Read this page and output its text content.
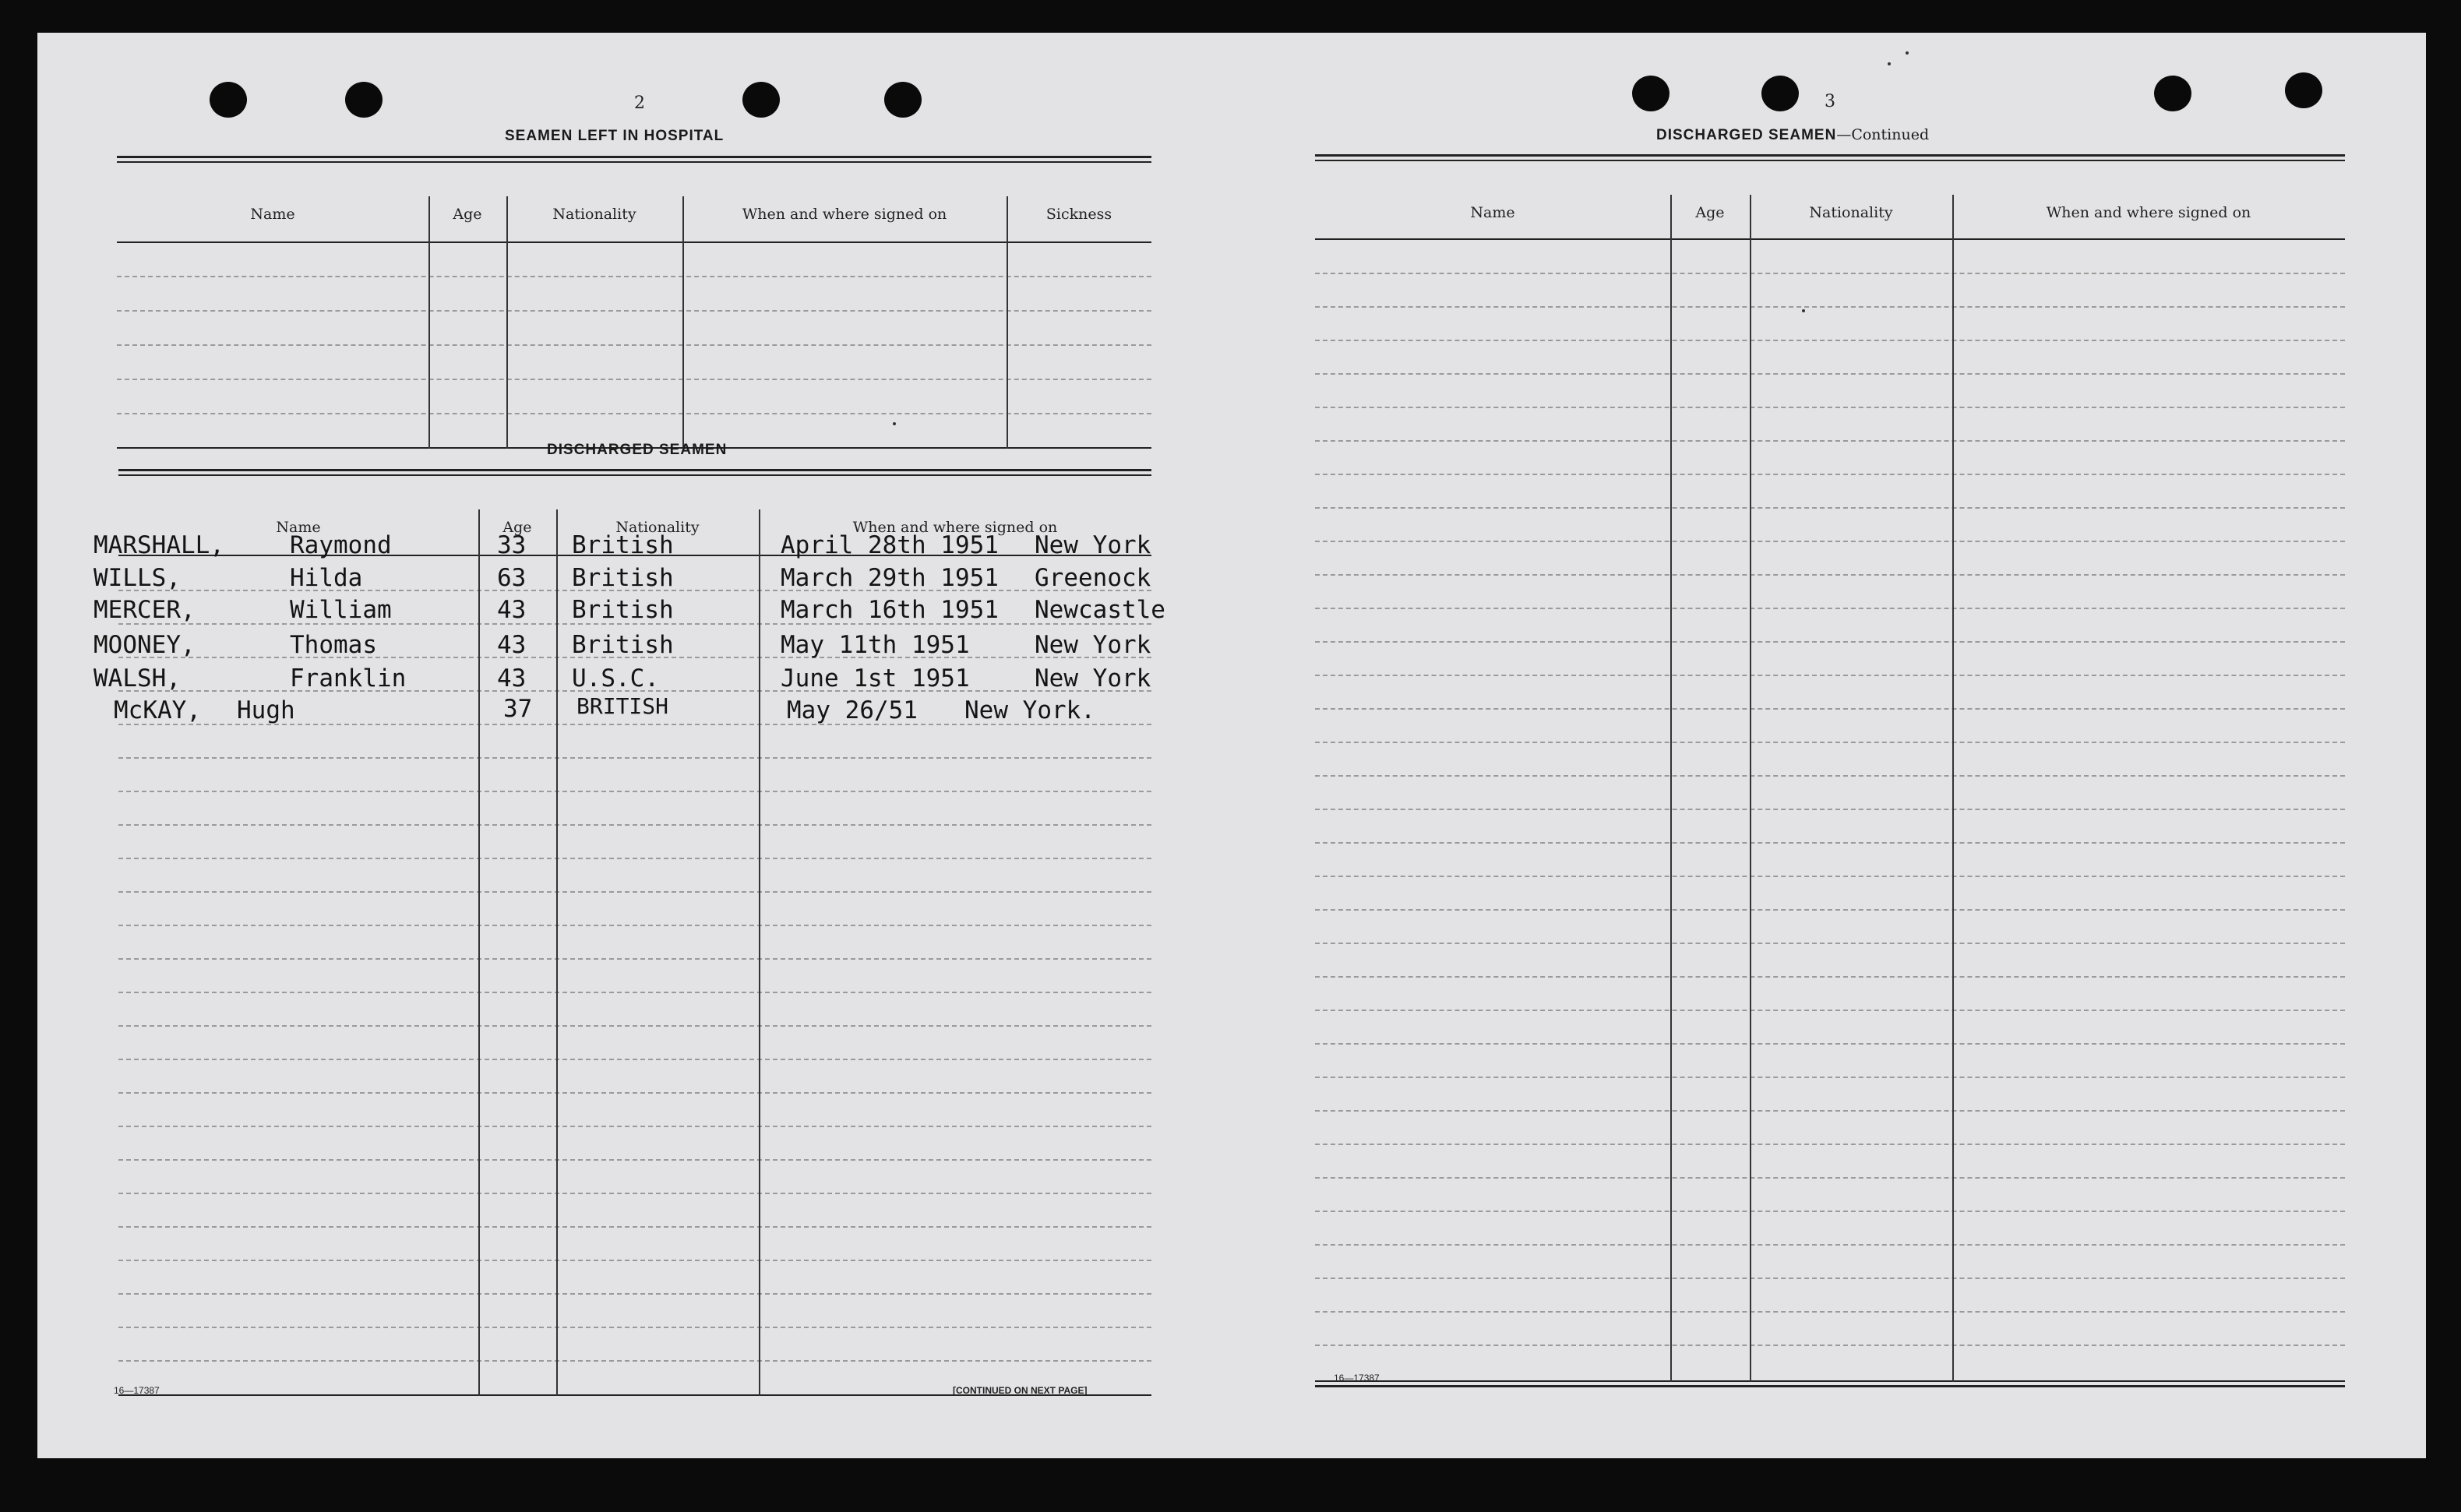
2
SEAMEN LEFT IN HOSPITAL
Name	Age	Nationality	When and where signed on	Sickness
DISCHARGED SEAMEN
Name	Age	Nationality	When and where signed on
MARSHALL,	Raymond	33 British	April 28th 1951 New York
WILLS,	Hilda	63 British	March 29th 1951 Greenock
MERCER,	William	43 British	March 16th 1951 Newcastle
MOONEY,	Thomas	43 British	May 11th 1951	New York
WALSH,	Franklin	43 U.S.C.	June 1st 1951	New York
McKAY, Hugh	37 BRITISH	May 26/51 New York.
16—17387	[CONTINUED ON NEXT PAGE]
3
DISCHARGED SEAMEN—Continued
Name	Age	Nationality	When and where signed on
16—17387
